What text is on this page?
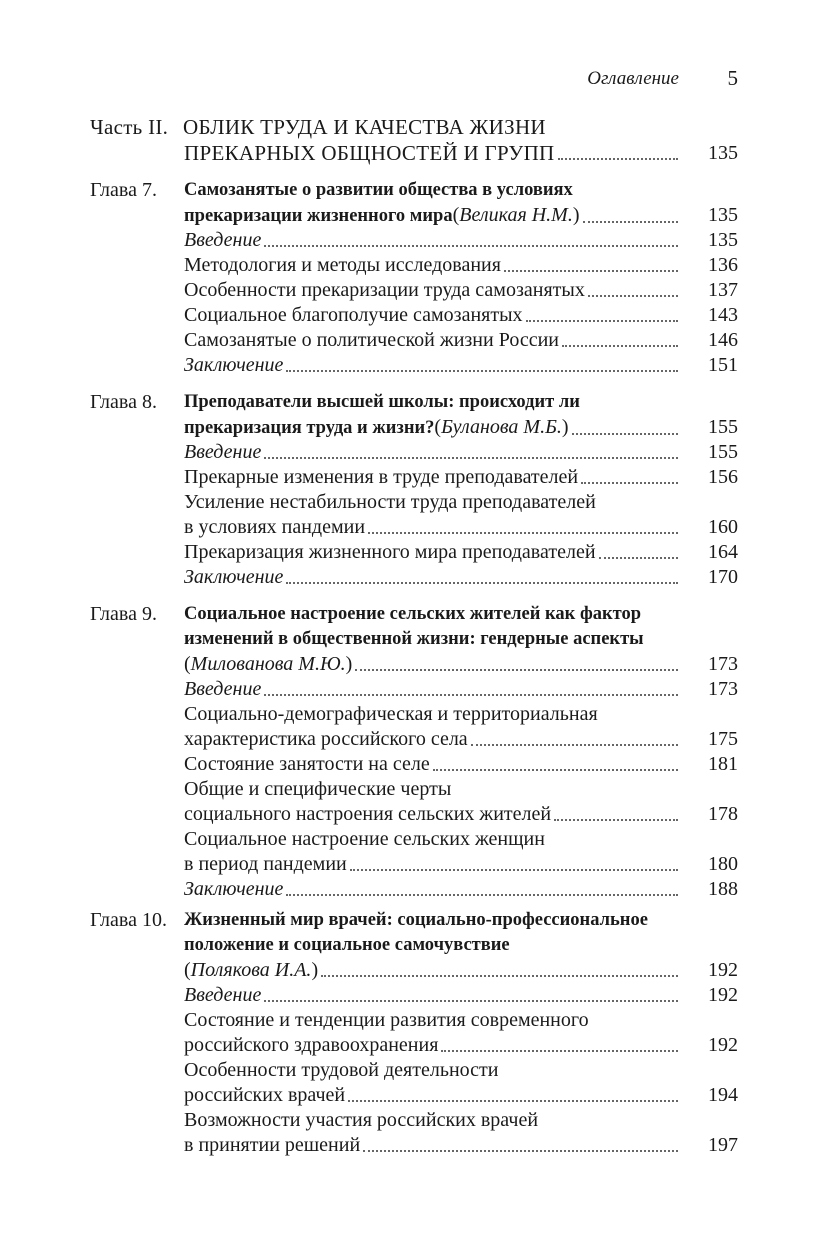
Оглавление 5
Часть II. ОБЛИК ТРУДА И КАЧЕСТВА ЖИЗНИ
ПРЕКАРНЫХ ОБЩНОСТЕЙ И ГРУПП	135
Глава 7. Самозанятые о развитии общества в условиях
прекаризации жизненного мира ( Великая Н.М. )	135
Введение	135
Методология и методы исследования	136
Особенности прекаризации труда самозанятых	137
Социальное благополучие самозанятых	143
Самозанятые о политической жизни России	146
Заключение	151
Глава 8. Преподаватели высшей школы: происходит ли
прекаризация труда и жизни? ( Буланова М.Б. )	155
Введение	155
Прекарные изменения в труде преподавателей	156
Усиление нестабильности труда преподавателей
в условиях пандемии	160
Прекаризация жизненного мира преподавателей	164
Заключение	170
Глава 9. Социальное настроение сельских жителей как фактор
изменений в общественной жизни: гендерные аспекты
( Милованова М.Ю. )	173
Введение	173
Социально-демографическая и территориальная
характеристика российского села	175
Состояние занятости на селе	181
Общие и специфические черты
социального настроения сельских жителей	178
Социальное настроение сельских женщин
в период пандемии	180
Заключение	188
Глава 10. Жизненный мир врачей: социально-профессиональное
положение и социальное самочувствие
( Полякова И.А. )	192
Введение	192
Состояние и тенденции развития современного
российского здравоохранения	192
Особенности трудовой деятельности
российских врачей	194
Возможности участия российских врачей
в принятии решений	197
